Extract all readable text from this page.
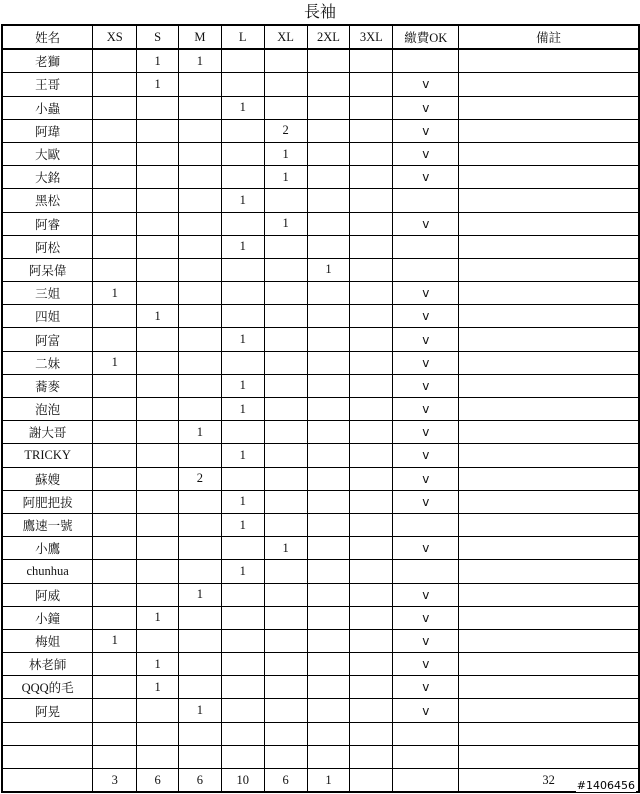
長袖
姓名	XS	S	M	L	XL	2XL	3XL	繳費OK	備註
老獅		1	1						
王哥		1						v	
小蟲				1				v	
阿瑋					2			v	
大歐					1			v	
大銘					1			v	
黑松				1					
阿睿					1			v	
阿松				1					
阿呆偉						1			
三姐	1							v	
四姐		1						v	
阿富				1				v	
二妹	1							v	
蕎麥				1				v	
泡泡				1				v	
謝大哥			1					v	
TRICKY				1				v	
蘇嫂			2					v	
阿肥把拔				1				v	
鷹速一號				1					
小鷹					1			v	
chunhua				1					
阿威			1					v	
小鐘		1						v	
梅姐	1							v	
林老師		1						v	
QQQ的毛		1						v	
阿晃			1					v	

	3	6	6	10	6	1			32 #1406456
